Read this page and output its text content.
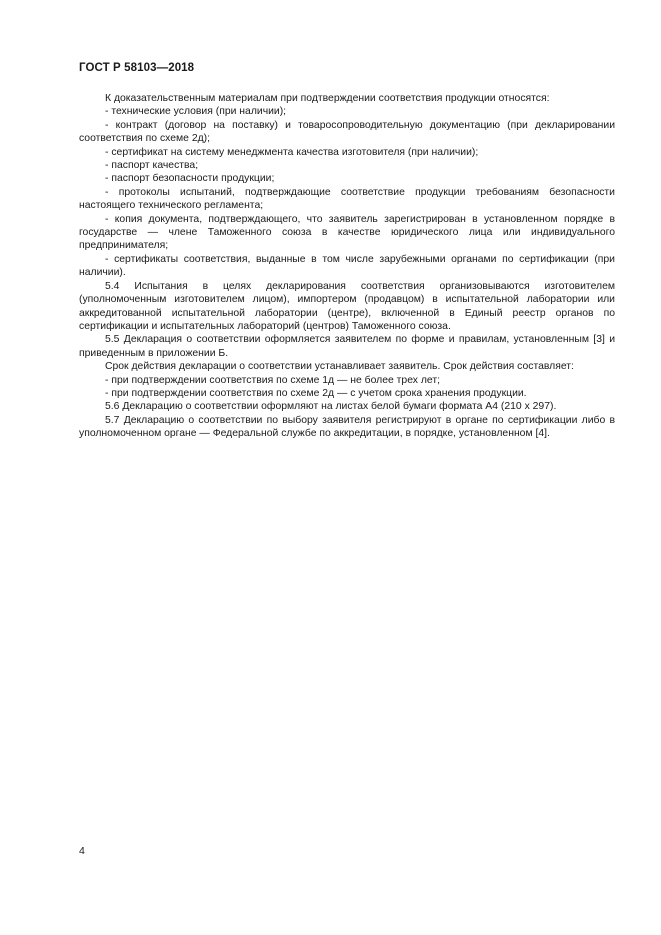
ГОСТ Р 58103—2018

К доказательственным материалам при подтверждении соответствия продукции относятся:

- технические условия (при наличии);

- контракт (договор на поставку) и товаросопроводительную документацию (при декларировании соответствия по схеме 2д);

- сертификат на систему менеджмента качества изготовителя (при наличии);

- паспорт качества;

- паспорт безопасности продукции;

- протоколы испытаний, подтверждающие соответствие продукции требованиям безопасности настоящего технического регламента;

- копия документа, подтверждающего, что заявитель зарегистрирован в установленном порядке в государстве — члене Таможенного союза в качестве юридического лица или индивидуального предпринимателя;

- сертификаты соответствия, выданные в том числе зарубежными органами по сертификации (при наличии).

5.4 Испытания в целях декларирования соответствия организовываются изготовителем (уполномоченным изготовителем лицом), импортером (продавцом) в испытательной лаборатории или аккредитованной испытательной лаборатории (центре), включенной в Единый реестр органов по сертификации и испытательных лабораторий (центров) Таможенного союза.

5.5 Декларация о соответствии оформляется заявителем по форме и правилам, установленным [3] и приведенным в приложении Б.

Срок действия декларации о соответствии устанавливает заявитель. Срок действия составляет:

- при подтверждении соответствия по схеме 1д — не более трех лет;

- при подтверждении соответствия по схеме 2д — с учетом срока хранения продукции.

5.6 Декларацию о соответствии оформляют на листах белой бумаги формата А4 (210 x 297).

5.7 Декларацию о соответствии по выбору заявителя регистрируют в органе по сертификации либо в уполномоченном органе — Федеральной службе по аккредитации, в порядке, установленном [4].

4
